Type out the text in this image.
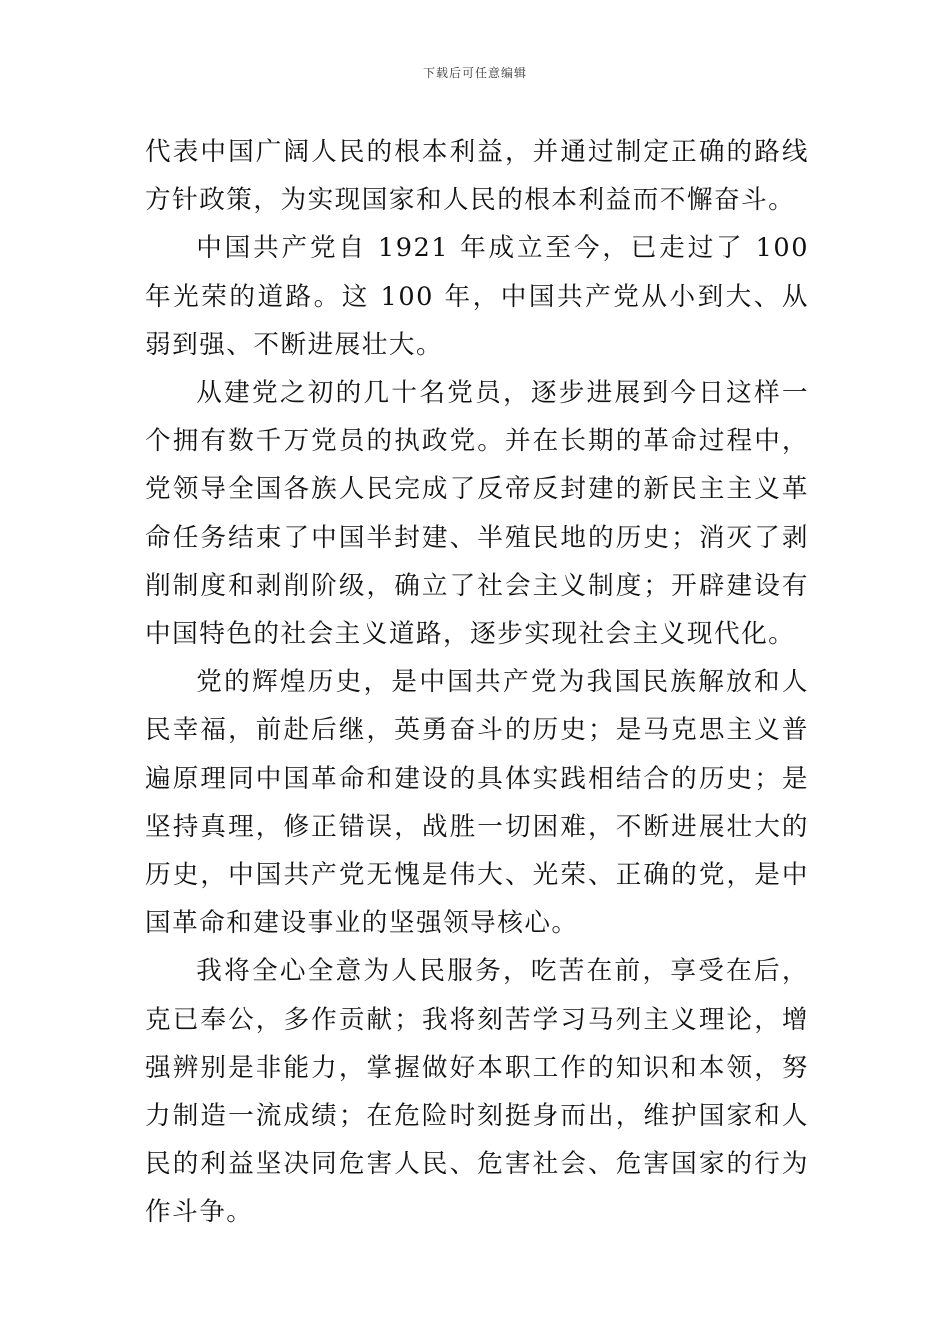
下载后可任意编辑

代表中国广阔人民的根本利益，并通过制定正确的路线方针政策，为实现国家和人民的根本利益而不懈奋斗。

中国共产党自 1921 年成立至今，已走过了 100 年光荣的道路。这 100 年，中国共产党从小到大、从弱到强、不断进展壮大。

从建党之初的几十名党员，逐步进展到今日这样一个拥有数千万党员的执政党。并在长期的革命过程中，党领导全国各族人民完成了反帝反封建的新民主主义革命任务结束了中国半封建、半殖民地的历史；消灭了剥削制度和剥削阶级，确立了社会主义制度；开辟建设有中国特色的社会主义道路，逐步实现社会主义现代化。

党的辉煌历史，是中国共产党为我国民族解放和人民幸福，前赴后继，英勇奋斗的历史；是马克思主义普遍原理同中国革命和建设的具体实践相结合的历史；是坚持真理，修正错误，战胜一切困难，不断进展壮大的历史，中国共产党无愧是伟大、光荣、正确的党，是中国革命和建设事业的坚强领导核心。

我将全心全意为人民服务，吃苦在前，享受在后，克已奉公，多作贡献；我将刻苦学习马列主义理论，增强辨别是非能力，掌握做好本职工作的知识和本领，努力制造一流成绩；在危险时刻挺身而出，维护国家和人民的利益坚决同危害人民、危害社会、危害国家的行为作斗争。
